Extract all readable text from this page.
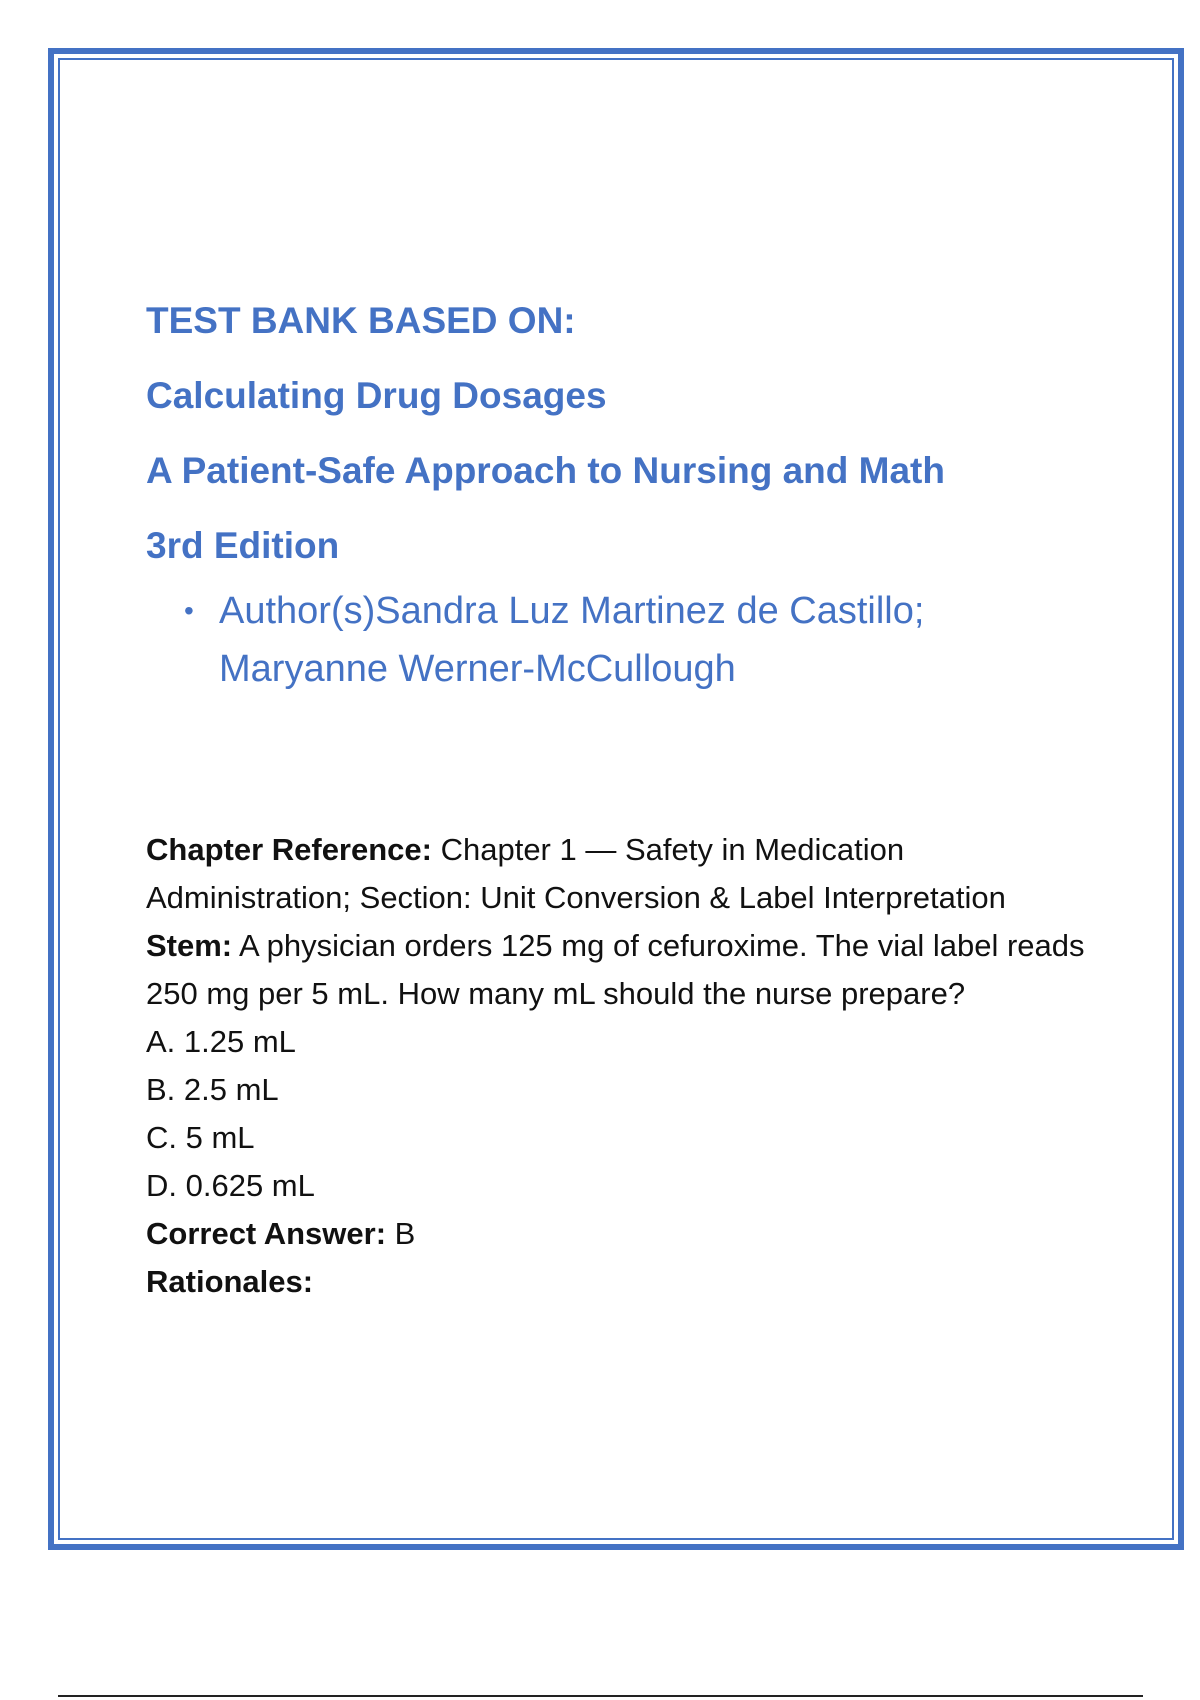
TEST BANK BASED ON:
Calculating Drug Dosages
A Patient-Safe Approach to Nursing and Math
3rd Edition
• Author(s)Sandra Luz Martinez de Castillo; Maryanne Werner-McCullough

Chapter Reference: Chapter 1 — Safety in Medication Administration; Section: Unit Conversion & Label Interpretation

Stem: A physician orders 125 mg of cefuroxime. The vial label reads 250 mg per 5 mL. How many mL should the nurse prepare?

A. 1.25 mL

B. 2.5 mL

C. 5 mL

D. 0.625 mL

Correct Answer: B

Rationales:
